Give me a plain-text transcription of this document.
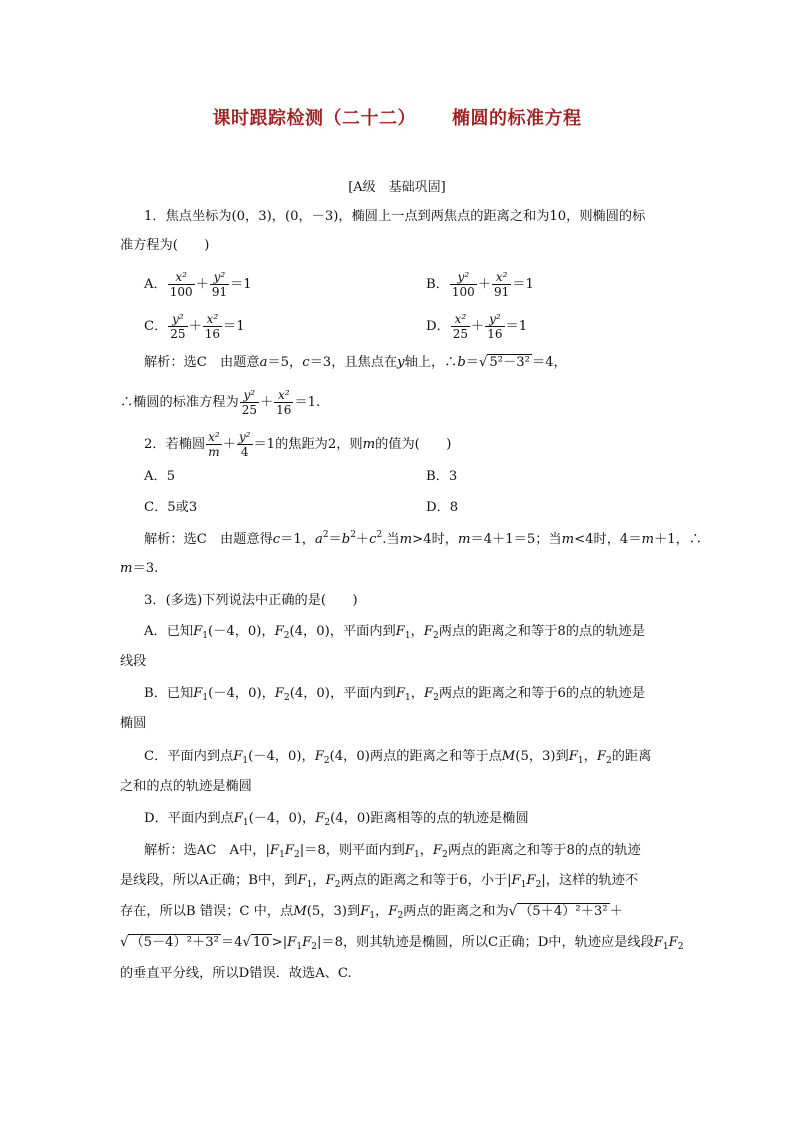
课时跟踪检测（二十二） 椭圆的标准方程
[A级　基础巩固]
1．焦点坐标为(0，3)，(0，－3)，椭圆上一点到两焦点的距离之和为10，则椭圆的标
准方程为(　　)
A． $\frac{\text{x²}}{100} + \frac{\text{y²}}{91} =1$	B． $\frac{\text{y²}}{100} + \frac{\text{x²}}{91} =1$
C． $\frac{\text{y²}}{25} + \frac{\text{x²}}{16} =1$	D． $\frac{\text{x²}}{25} + \frac{\text{y²}}{16} =1$
解析：选C　由题意a＝5，c＝3，且焦点在y轴上，∴b＝√ 5²－3² ＝4，
∴椭圆的标准方程为 $\frac{\text{y²}}{25} + \frac{\text{x²}}{16} =1$.
2．若椭圆 $\frac{\text{x²}}{m} + \frac{\text{y²}}{4} =1$的焦距为2，则m的值为(　　)
A．5	B．3
C．5或3	D．8
解析：选C　由题意得c＝1，$a^2=b^2+c^2$.当m>4时，m＝4＋1＝5；当m<4时，4＝m＋1，∴
m＝3.
3．(多选)下列说法中正确的是(　　)
A．已知$F_1(-4$，0)，$F_2(4$，0)，平面内到$F_1$，$F_2$两点的距离之和等于8的点的轨迹是
线段
B．已知$F_1(-4$，0)，$F_2(4$，0)，平面内到$F_1$，$F_2$两点的距离之和等于6的点的轨迹是
椭圆
C．平面内到点$F_1(-4$，0)，$F_2(4$，0)两点的距离之和等于点M(5，3)到$F_1$，$F_2$的距离
之和的点的轨迹是椭圆
D．平面内到点$F_1(-4$，0)，$F_2(4$，0)距离相等的点的轨迹是椭圆
解析：选AC　A中，$|F_1F_2|=8$，则平面内到$F_1$，$F_2$两点的距离之和等于8的点的轨迹
是线段，所以A正确；B中，到$F_1$，$F_2$两点的距离之和等于6，小于$|F_1F_2|$，这样的轨迹不
存在，所以B 错误；C 中，点M(5，3)到$F_1$，$F_2$两点的距离之和为√ （5＋4）²＋3² ＋
√ （5－4）²＋3² ＝4√ $10 >|F_1F_2|=8$，则其轨迹是椭圆，所以C正确；D中，轨迹应是线段$F_1F_2$
的垂直平分线，所以D错误．故选A、C.
